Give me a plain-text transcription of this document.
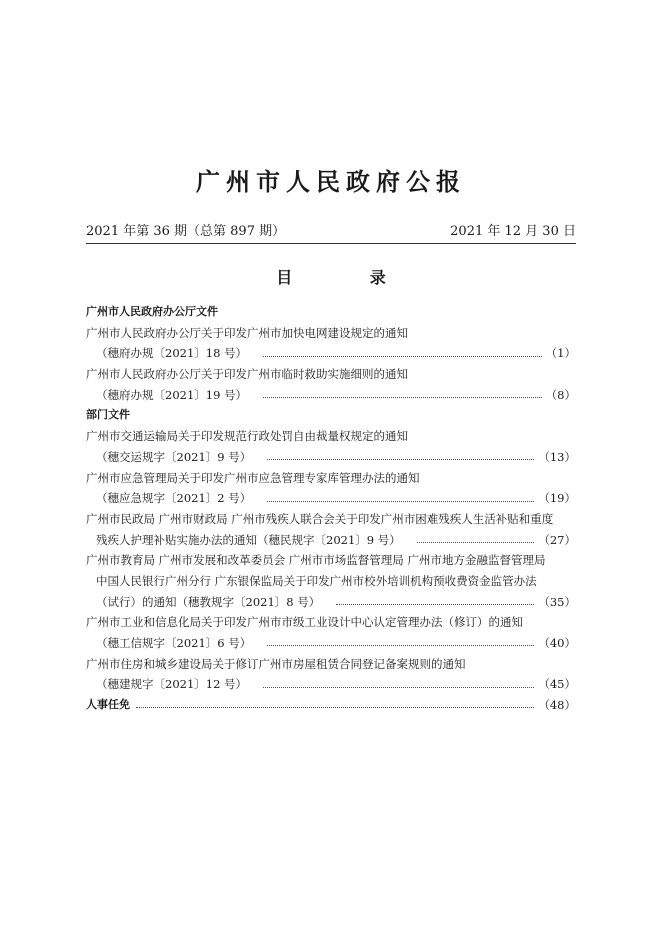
广州市人民政府公报
2021 年第 36 期（总第 897 期）	2021 年 12 月 30 日
目 录
广州市人民政府办公厅文件
广州市人民政府办公厅关于印发广州市加快电网建设规定的通知
（穗府办规〔2021〕18 号）	（1）
广州市人民政府办公厅关于印发广州市临时救助实施细则的通知
（穗府办规〔2021〕19 号）	（8）
部门文件
广州市交通运输局关于印发规范行政处罚自由裁量权规定的通知
（穗交运规字〔2021〕9 号）	（13）
广州市应急管理局关于印发广州市应急管理专家库管理办法的通知
（穗应急规字〔2021〕2 号）	（19）
广州市民政局 广州市财政局 广州市残疾人联合会关于印发广州市困难残疾人生活补贴和重度
残疾人护理补贴实施办法的通知（穗民规字〔2021〕9 号）	（27）
广州市教育局 广州市发展和改革委员会 广州市市场监督管理局 广州市地方金融监督管理局
中国人民银行广州分行 广东银保监局关于印发广州市校外培训机构预收费资金监管办法
（试行）的通知（穗教规字〔2021〕8 号）	（35）
广州市工业和信息化局关于印发广州市市级工业设计中心认定管理办法（修订）的通知
（穗工信规字〔2021〕6 号）	（40）
广州市住房和城乡建设局关于修订广州市房屋租赁合同登记备案规则的通知
（穗建规字〔2021〕12 号）	（45）
人事任免	（48）
